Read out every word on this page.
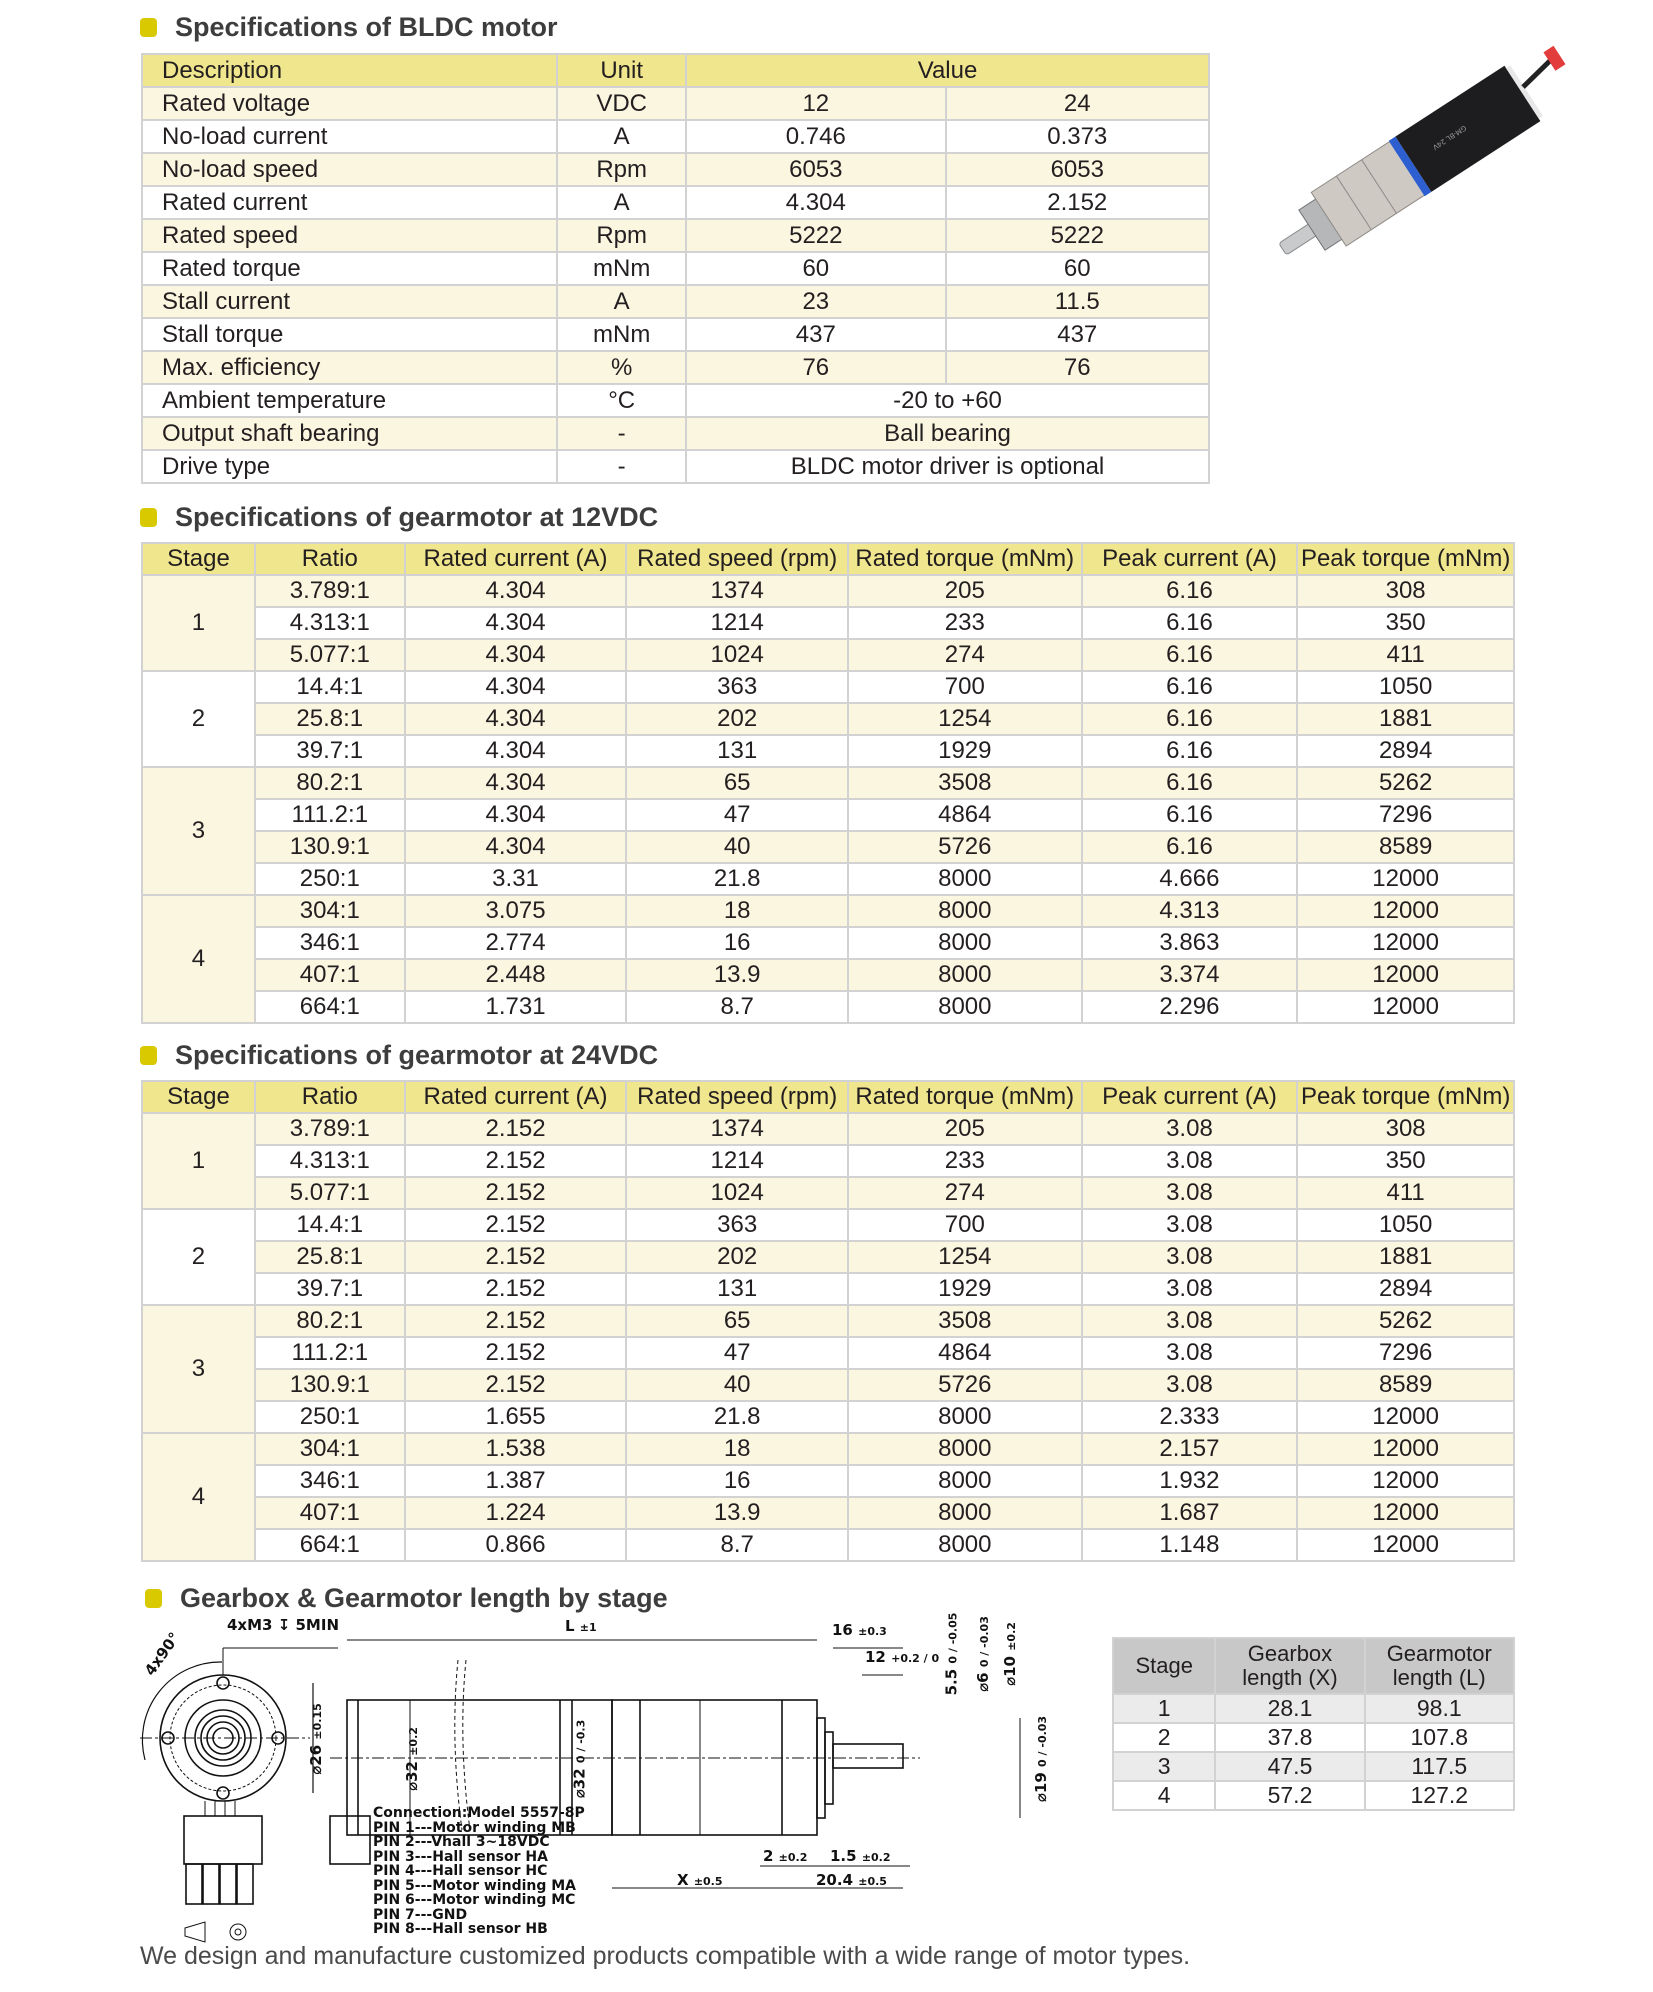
Specifications of BLDC motor
Description	Unit	Value	
Rated voltage	VDC	12	24
No-load current	A	0.746	0.373
No-load speed	Rpm	6053	6053
Rated current	A	4.304	2.152
Rated speed	Rpm	5222	5222
Rated torque	mNm	60	60
Stall current	A	23	11.5
Stall torque	mNm	437	437
Max. efficiency	%	76	76
Ambient temperature	°C	-20 to +60	
Output shaft bearing	-	Ball bearing	
Drive type	-	BLDC motor driver is optional	
GM-BL 24V
Specifications of gearmotor at 12VDC
Stage	Ratio	Rated current (A)	Rated speed (rpm)	Rated torque (mNm)	Peak current (A)	Peak torque (mNm)
1	3.789:1	4.304	1374	205	6.16	308
	4.313:1	4.304	1214	233	6.16	350
	5.077:1	4.304	1024	274	6.16	411
2	14.4:1	4.304	363	700	6.16	1050
	25.8:1	4.304	202	1254	6.16	1881
	39.7:1	4.304	131	1929	6.16	2894
3	80.2:1	4.304	65	3508	6.16	5262
	111.2:1	4.304	47	4864	6.16	7296
	130.9:1	4.304	40	5726	6.16	8589
	250:1	3.31	21.8	8000	4.666	12000
4	304:1	3.075	18	8000	4.313	12000
	346:1	2.774	16	8000	3.863	12000
	407:1	2.448	13.9	8000	3.374	12000
	664:1	1.731	8.7	8000	2.296	12000
Specifications of gearmotor at 24VDC
Stage	Ratio	Rated current (A)	Rated speed (rpm)	Rated torque (mNm)	Peak current (A)	Peak torque (mNm)
1	3.789:1	2.152	1374	205	3.08	308
	4.313:1	2.152	1214	233	3.08	350
	5.077:1	2.152	1024	274	3.08	411
2	14.4:1	2.152	363	700	3.08	1050
	25.8:1	2.152	202	1254	3.08	1881
	39.7:1	2.152	131	1929	3.08	2894
3	80.2:1	2.152	65	3508	3.08	5262
	111.2:1	2.152	47	4864	3.08	7296
	130.9:1	2.152	40	5726	3.08	8589
	250:1	1.655	21.8	8000	2.333	12000
4	304:1	1.538	18	8000	2.157	12000
	346:1	1.387	16	8000	1.932	12000
	407:1	1.224	13.9	8000	1.687	12000
	664:1	0.866	8.7	8000	1.148	12000
Gearbox & Gearmotor length by stage
4xM3 ↧ 5MIN
4x90°
⌀26 ±0.15
⌀32 ±0.2
⌀32 0 / -0.3
L ±1	16 ±0.3
12 +0.2 / 0
5.5 0 / -0.05
⌀6 0 / -0.03
⌀10 ±0.2
⌀19 0 / -0.03
2 ±0.2 1.5 ±0.2
X ±0.5	20.4 ±0.5
Connection:Model 5557-8P
PIN 1---Motor winding MB
PIN 2---Vhall 3~18VDC
PIN 3---Hall sensor HA
PIN 4---Hall sensor HC
PIN 5---Motor winding MA
PIN 6---Motor winding MC
PIN 7---GND
PIN 8---Hall sensor HB
Stage	Gearbox length (X)	Gearmotor length (L)
1	28.1	98.1
2	37.8	107.8
3	47.5	117.5
4	57.2	127.2
We design and manufacture customized products compatible with a wide range of motor types.
